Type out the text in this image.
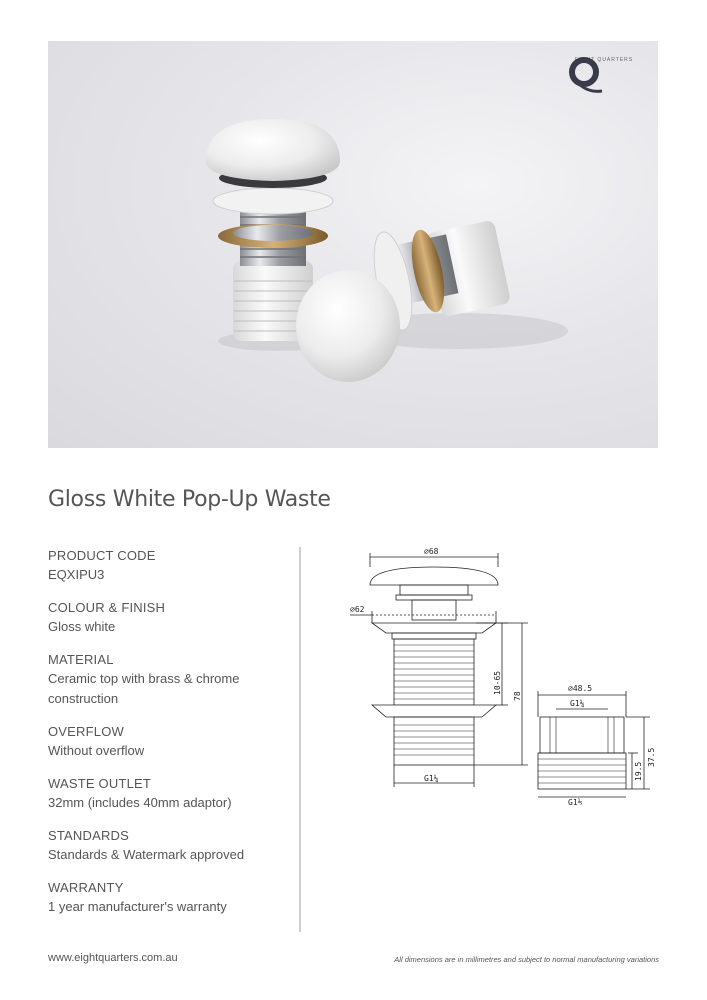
EIGHT QUARTERS
Gloss White Pop-Up Waste
PRODUCT CODE
EQXIPU3
COLOUR & FINISH
Gloss white
MATERIAL
Ceramic top with brass & chrome construction
OVERFLOW
Without overflow
WASTE OUTLET
32mm (includes 40mm adaptor)
STANDARDS
Standards & Watermark approved
WARRANTY
1 year manufacturer's warranty
⌀68
⌀62
10-65
78
G1¼
⌀48.5
G1¼
37.5
19.5
G1½
www.eightquarters.com.au	All dimensions are in millimetres and subject to normal manufacturing variations
